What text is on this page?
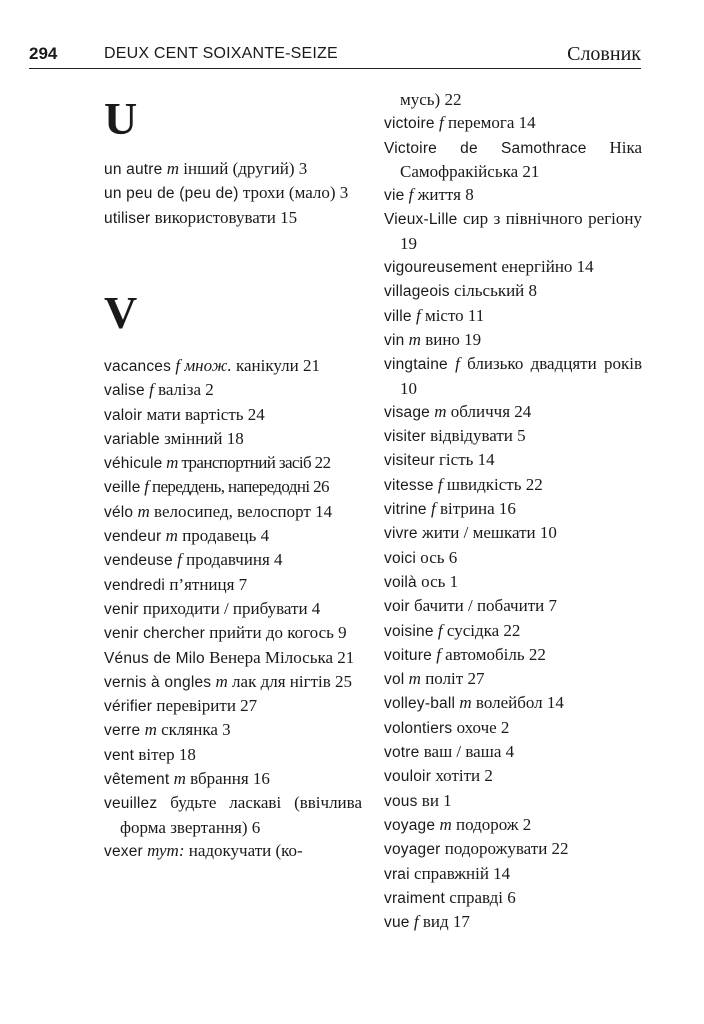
294	DEUX CENT SOIXANTE-SEIZE	Словник
U
un autre m інший (другий) 3
un peu de (peu de) трохи (мало) 3
utiliser використовувати 15
V
vacances f множ. канікули 21
valise f валіза 2
valoir мати вартість 24
variable змінний 18
véhicule m транспортний засіб 22
veille f переддень, напередодні 26
vélo m велосипед, велоспорт 14
vendeur m продавець 4
vendeuse f продавчиня 4
vendredi п’ятниця 7
venir приходити / прибувати 4
venir chercher прийти до когось 9
Vénus de Milo Венера Мілоська 21
vernis à ongles m лак для нігтів 25
vérifier перевірити 27
verre m склянка 3
vent вітер 18
vêtement m вбрання 16
veuillez будьте ласкаві (ввічлива форма звертання) 6
vexer тут: надокучати (ко-
мусь) 22
victoire f перемога 14
Victoire de Samothrace Ніка Самофракійська 21
vie f життя 8
Vieux-Lille сир з північного регіону 19
vigoureusement енергійно 14
villageois сільський 8
ville f місто 11
vin m вино 19
vingtaine f близько двадцяти років 10
visage m обличчя 24
visiter відвідувати 5
visiteur гість 14
vitesse f швидкість 22
vitrine f вітрина 16
vivre жити / мешкати 10
voici ось 6
voilà ось 1
voir бачити / побачити 7
voisine f сусідка 22
voiture f автомобіль 22
vol m політ 27
volley-ball m волейбол 14
volontiers охоче 2
votre ваш / ваша 4
vouloir хотіти 2
vous ви 1
voyage m подорож 2
voyager подорожувати 22
vrai справжній 14
vraiment справді 6
vue f вид 17
